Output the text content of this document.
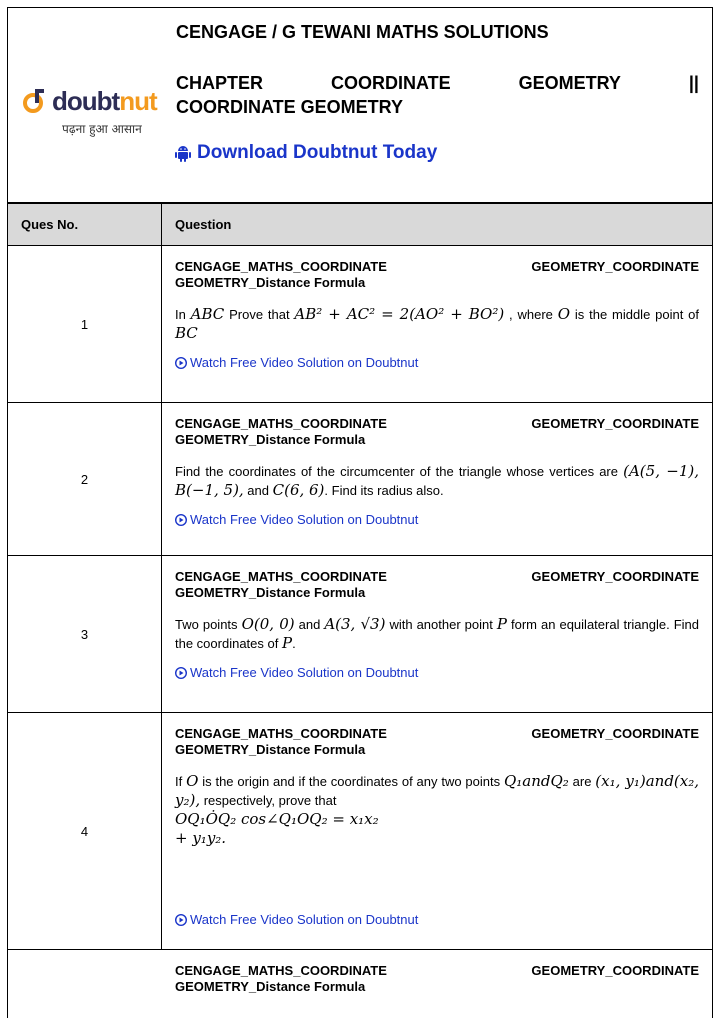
doubtnut
पढ़ना हुआ आसान
CENGAGE / G TEWANI MATHS SOLUTIONS
CHAPTER	COORDINATE	GEOMETRY	||
COORDINATE GEOMETRY
Download Doubtnut Today
Ques No.	Question
1
CENGAGE_MATHS_COORDINATE	GEOMETRY_COORDINATE
GEOMETRY_Distance Formula
In ABC Prove that AB² + AC² = 2(AO² + BO²) , where O is the middle point of BC
Watch Free Video Solution on Doubtnut
2
CENGAGE_MATHS_COORDINATE	GEOMETRY_COORDINATE
GEOMETRY_Distance Formula
Find the coordinates of the circumcenter of the triangle whose vertices are (A(5, −1), B(−1, 5), and C(6, 6). Find its radius also.
Watch Free Video Solution on Doubtnut
3
CENGAGE_MATHS_COORDINATE	GEOMETRY_COORDINATE
GEOMETRY_Distance Formula
Two points O(0, 0) and A(3, √3) with another point P form an equilateral triangle. Find the coordinates of P.
Watch Free Video Solution on Doubtnut
4
CENGAGE_MATHS_COORDINATE	GEOMETRY_COORDINATE
GEOMETRY_Distance Formula
If O is the origin and if the coordinates of any two points Q₁andQ₂ are (x₁, y₁)and(x₂, y₂), respectively, prove that
OQ₁ȮQ₂ cos∠Q₁OQ₂ = x₁x₂
+ y₁y₂.
Watch Free Video Solution on Doubtnut
CENGAGE_MATHS_COORDINATE	GEOMETRY_COORDINATE
GEOMETRY_Distance Formula
